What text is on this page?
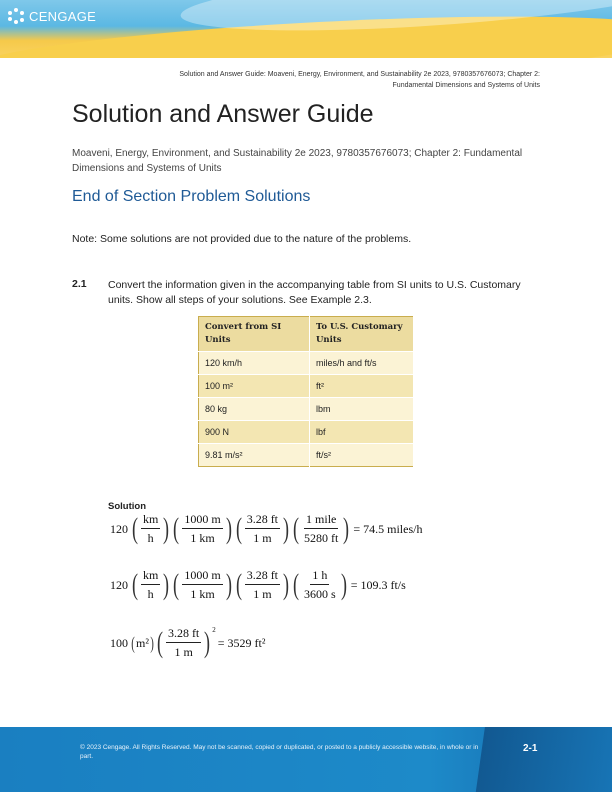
CENGAGE
Solution and Answer Guide: Moaveni, Energy, Environment, and Sustainability 2e 2023, 9780357676073; Chapter 2:
Fundamental Dimensions and Systems of Units
Solution and Answer Guide
Moaveni, Energy, Environment, and Sustainability 2e 2023, 9780357676073; Chapter 2: Fundamental Dimensions and Systems of Units
End of Section Problem Solutions
Note: Some solutions are not provided due to the nature of the problems.
2.1 Convert the information given in the accompanying table from SI units to U.S. Customary units. Show all steps of your solutions. See Example 2.3.
Convert from SI Units	To U.S. Customary Units
120 km/h	miles/h and ft/s
100 m²	ft²
80 kg	lbm
900 N	lbf
9.81 m/s²	ft/s²
Solution
120 ( $\frac{km}{h}$ ) ( $\frac{1000 m}{1 km}$ ) ( $\frac{3.28 ft}{1 m}$ ) ( $\frac{\text{1 mile}}{5280 ft}$ ) = 74.5 miles/h
120 ( $\frac{km}{h}$ ) ( $\frac{1000 m}{1 km}$ ) ( $\frac{3.28 ft}{1 m}$ ) ( $\frac{1 h}{3600 s}$ ) = 109.3 ft/s
100 ( m² ) ( $\frac{3.28 ft}{1 m}$ ) $^2$
= 3529 ft²
© 2023 Cengage. All Rights Reserved. May not be scanned, copied or duplicated, or posted to a publicly accessible website, in whole or in part.
2-1
